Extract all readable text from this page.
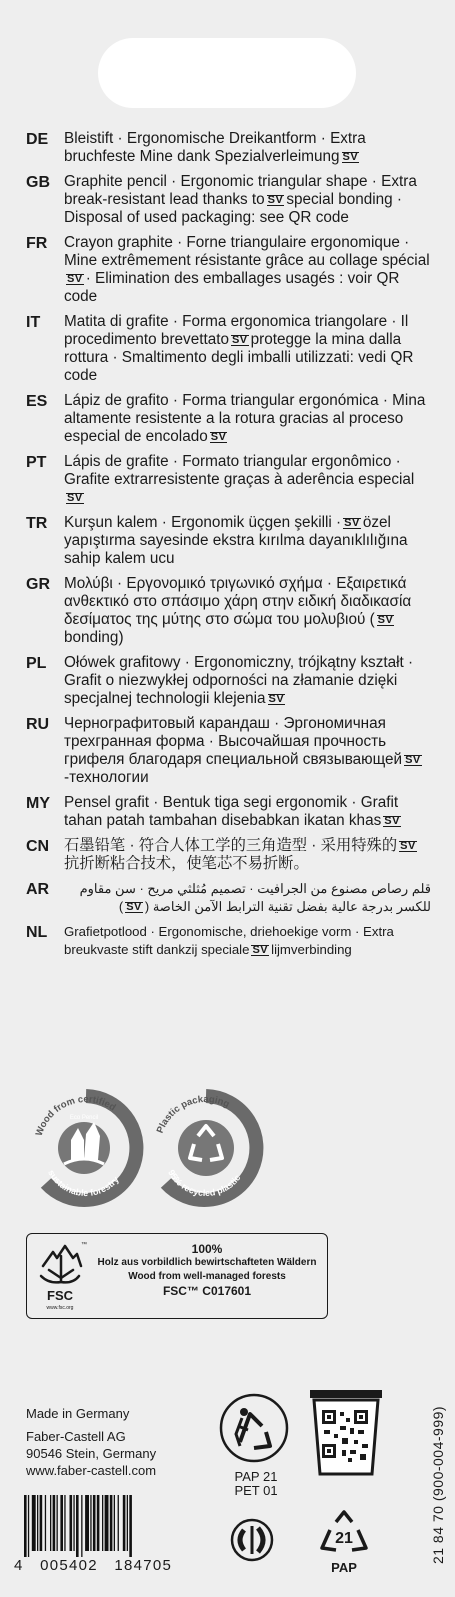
DE	Bleistift · Ergonomische Dreikantform · Extra bruchfeste Mine dank Spezialverleimung SV
GB Graphite pencil · Ergonomic triangular shape · Extra break-resistant lead thanks to SV special bonding · Disposal of used packaging: see QR code
FR	Crayon graphite · Forne triangulaire ergonomique · Mine extrêmement résistante grâce au collage spécialSV · Elimination des emballages usagés : voir QR code
IT	Matita di grafite · Forma ergonomica triangolare · Il procedimento brevettato SV protegge la mina dalla rottura · Smaltimento degli imballi utilizzati: vedi QR code
ES	Lápiz de grafito · Forma triangular ergonómica · Mina altamente resistente a la rotura gracias al proceso especial de encolado SV
PT	Lápis de grafite · Formato triangular ergonômico · Grafite extrarresistente graças à aderência especialSV
TR	Kurşun kalem · Ergonomik üçgen şekilli · SV özel yapıştırma sayesinde ekstra kırılma dayanıklılığına sahip kalem ucu
GR Μολύβι · Εργονομικό τριγωνικό σχήμα · Εξαιρετικά ανθεκτικό στο σπάσιμο χάρη στην ειδική διαδικασία δεσίματος της μύτης στο σώμα του μολυβιού ( SVbonding)
PL	Ołówek grafitowy · Ergonomiczny, trójkątny kształt · Grafit o niezwykłej odporności na złamanie dzięki specjalnej technologii klejenia SV
RU Чернографитовый карандаш · Эргономичная трехгранная форма · Высочайшая прочность грифеля благодаря специальной связывающей SV-технологии
MY Pensel grafit · Bentuk tiga segi ergonomik · Grafit tahan patah tambahan disebabkan ikatan khas SV
CN 石墨铅笔 · 符合人体工学的三角造型 · 采用特殊的 SV抗折断粘合技术，使笔芯不易折断。
AR	قلم رصاص مصنوع من الجرافيت · تصميم مُثلثي مريح · سن مقاوم للكسر بدرجة عالية بفضل تقنية الترابط الآمن الخاصة (SV)
NL	Grafietpotlood · Ergonomische, driehoekige vorm · Extra breukvaste stift dankzij speciale SV lijmverbinding
Wood from certified
sustainable forestry
Eco Pencil
Plastic packaging
95% recycled plastic
FSC
www.fsc.org
™	100%
Holz aus vorbildlich bewirtschafteten Wäldern
Wood from well-managed forests
FSC™ C017601
Made in Germany
Faber-Castell AG
90546 Stein, Germany
www.faber-castell.com
4 005402 184705
PAP 21
PET 01
21
PAP
21 84 70 (900-004-999)
